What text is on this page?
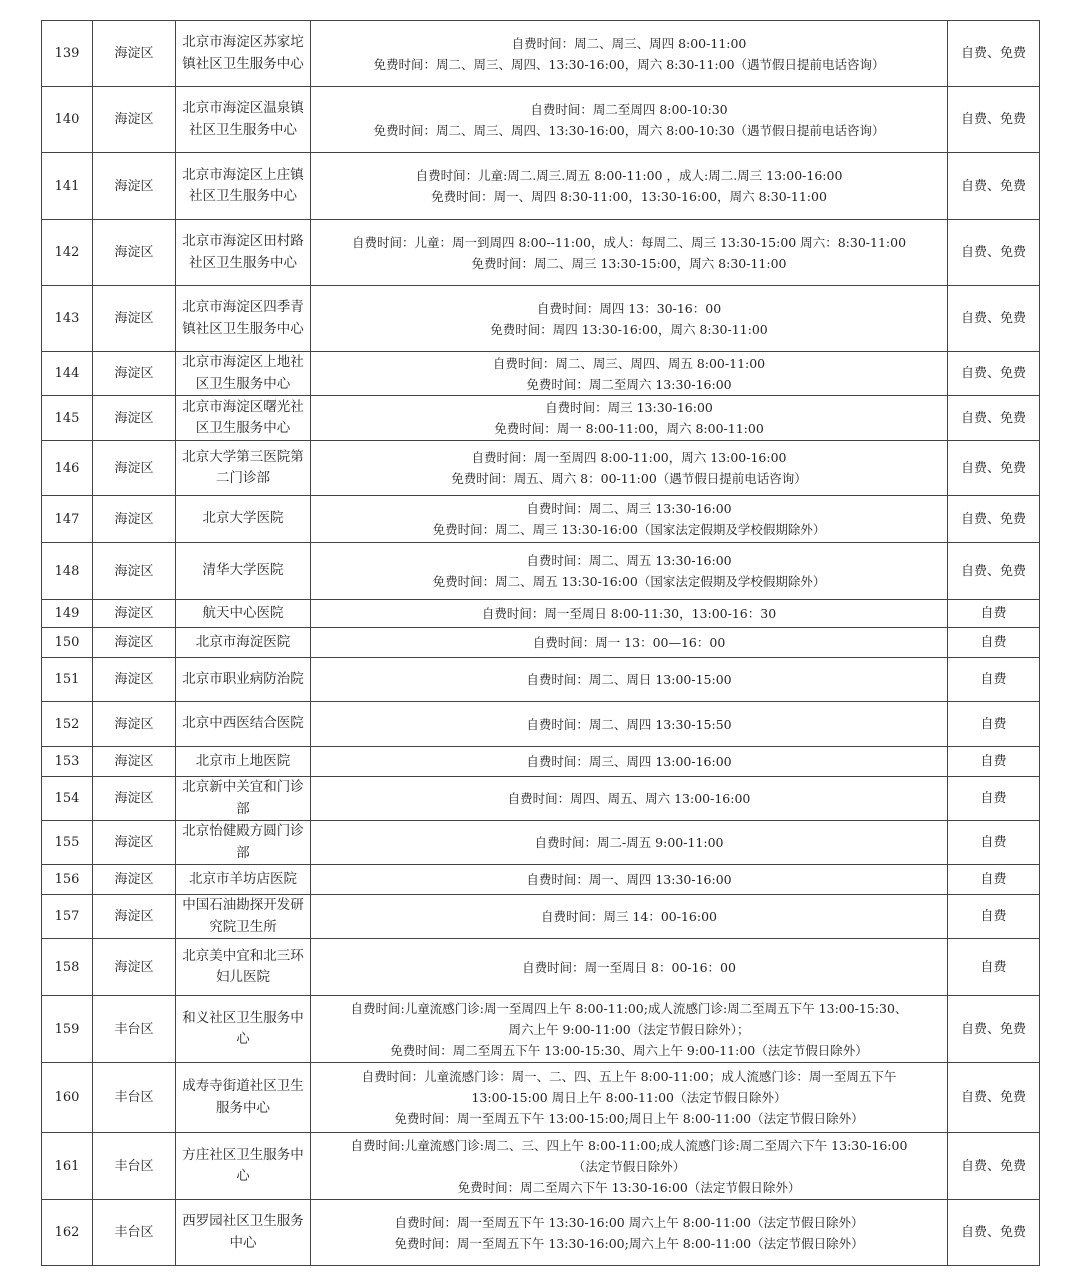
139	海淀区	北京市海淀区苏家坨镇社区卫生服务中心	自费时间：周二、周三、周四 8:00-11:00
免费时间：周二、周三、周四、13:30-16:00，周六 8:30-11:00（遇节假日提前电话咨询）	自费、免费
140	海淀区	北京市海淀区温泉镇社区卫生服务中心	自费时间：周二至周四 8:00-10:30
免费时间：周二、周三、周四、13:30-16:00，周六 8:00-10:30（遇节假日提前电话咨询）	自费、免费
141	海淀区	北京市海淀区上庄镇社区卫生服务中心	自费时间：儿童:周二.周三.周五 8:00-11:00 ，成人:周二.周三 13:00-16:00
免费时间：周一、周四 8:30-11:00，13:30-16:00，周六 8:30-11:00	自费、免费
142	海淀区	北京市海淀区田村路社区卫生服务中心	自费时间：儿童：周一到周四 8:00--11:00，成人：每周二、周三 13:30-15:00 周六：8:30-11:00
免费时间：周二、周三 13:30-15:00，周六 8:30-11:00	自费、免费
143	海淀区	北京市海淀区四季青镇社区卫生服务中心	自费时间：周四 13：30-16：00
免费时间：周四 13:30-16:00，周六 8:30-11:00	自费、免费
144	海淀区	北京市海淀区上地社区卫生服务中心	自费时间：周二、周三、周四、周五 8:00-11:00
免费时间：周二至周六 13:30-16:00	自费、免费
145	海淀区	北京市海淀区曙光社区卫生服务中心	自费时间：周三 13:30-16:00
免费时间：周一 8:00-11:00，周六 8:00-11:00	自费、免费
146	海淀区	北京大学第三医院第二门诊部	自费时间：周一至周四 8:00-11:00，周六 13:00-16:00
免费时间：周五、周六 8：00-11:00（遇节假日提前电话咨询）	自费、免费
147	海淀区	北京大学医院	自费时间：周二、周三 13:30-16:00
免费时间：周二、周三 13:30-16:00（国家法定假期及学校假期除外）	自费、免费
148	海淀区	清华大学医院	自费时间：周二、周五 13:30-16:00
免费时间：周二、周五 13:30-16:00（国家法定假期及学校假期除外）	自费、免费
149	海淀区	航天中心医院	自费时间：周一至周日 8:00-11:30，13:00-16：30	自费
150	海淀区	北京市海淀医院	自费时间：周一 13：00—16：00	自费
151	海淀区	北京市职业病防治院	自费时间：周二、周日 13:00-15:00	自费
152	海淀区	北京中西医结合医院	自费时间：周二、周四 13:30-15:50	自费
153	海淀区	北京市上地医院	自费时间：周三、周四 13:00-16:00	自费
154	海淀区	北京新中关宜和门诊部	自费时间：周四、周五、周六 13:00-16:00	自费
155	海淀区	北京怡健殿方圆门诊部	自费时间：周二-周五 9:00-11:00	自费
156	海淀区	北京市羊坊店医院	自费时间：周一、周四 13:30-16:00	自费
157	海淀区	中国石油勘探开发研究院卫生所	自费时间：周三 14：00-16:00	自费
158	海淀区	北京美中宜和北三环妇儿医院	自费时间：周一至周日 8：00-16：00	自费
159	丰台区	和义社区卫生服务中心	自费时间:儿童流感门诊:周一至周四上午 8:00-11:00;成人流感门诊:周二至周五下午 13:00-15:30、
周六上午 9:00-11:00（法定节假日除外）；
免费时间：周二至周五下午 13:00-15:30、周六上午 9:00-11:00（法定节假日除外）	自费、免费
160	丰台区	成寿寺街道社区卫生服务中心	自费时间：儿童流感门诊：周一、二、四、五上午 8:00-11:00；成人流感门诊：周一至周五下午
13:00-15:00 周日上午 8:00-11:00（法定节假日除外）
免费时间：周一至周五下午 13:00-15:00;周日上午 8:00-11:00（法定节假日除外）	自费、免费
161	丰台区	方庄社区卫生服务中心	自费时间:儿童流感门诊:周二、三、四上午 8:00-11:00;成人流感门诊:周二至周六下午 13:30-16:00
（法定节假日除外）
免费时间：周二至周六下午 13:30-16:00（法定节假日除外）	自费、免费
162	丰台区	西罗园社区卫生服务中心	自费时间：周一至周五下午 13:30-16:00 周六上午 8:00-11:00（法定节假日除外）
免费时间：周一至周五下午 13:30-16:00;周六上午 8:00-11:00（法定节假日除外）	自费、免费
